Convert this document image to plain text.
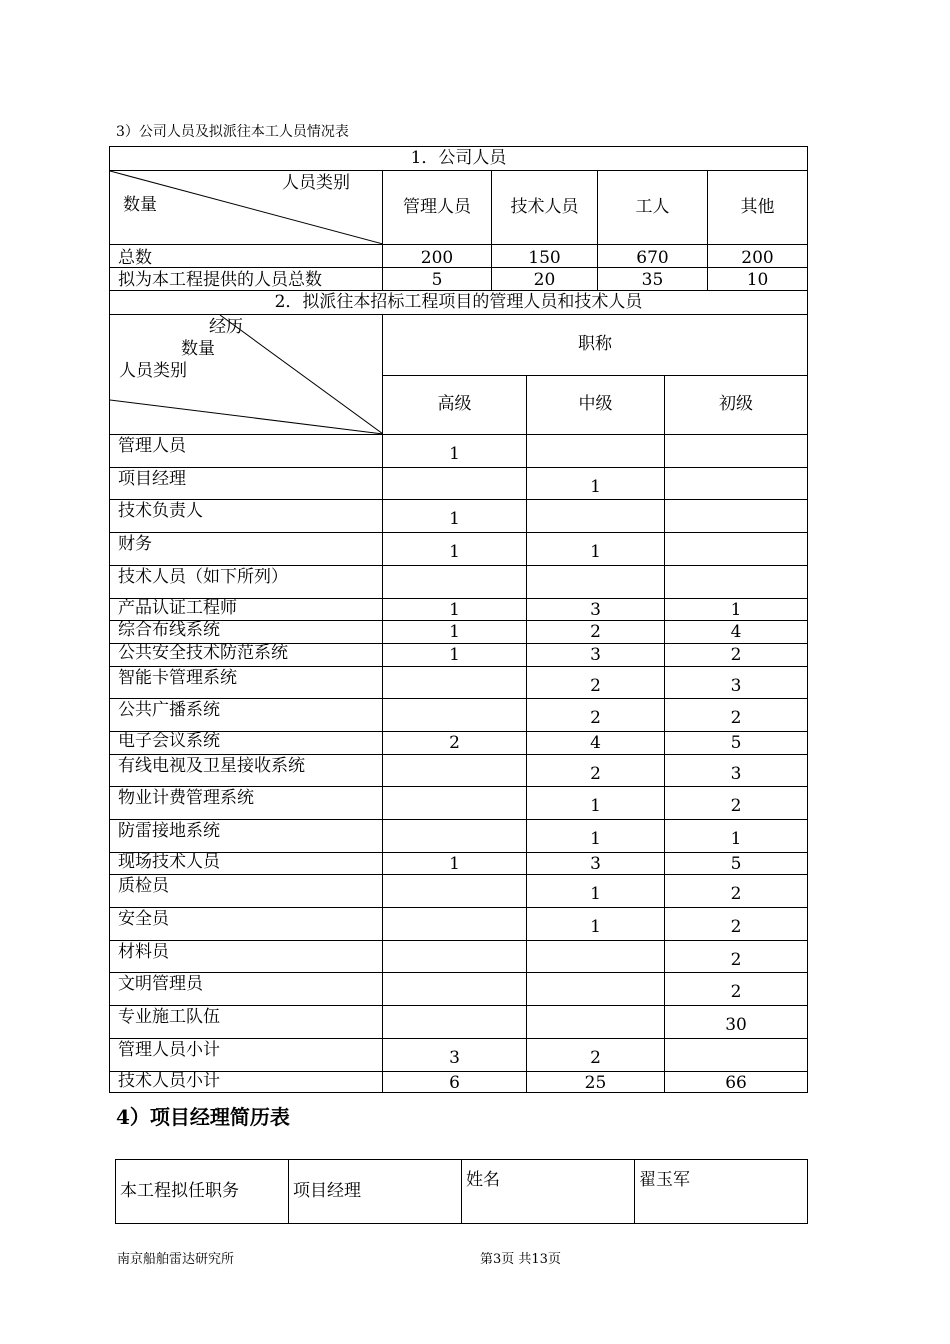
3）公司人员及拟派往本工人员情况表
1．公司人员				

人员类别
数量	管理人员	技术人员	工人	其他
总数	200	150	670	200
拟为本工程提供的人员总数	5	20	35	10
2．拟派往本招标工程项目的管理人员和技术人员				
经历
数量
人员类别	职称		
	高级	中级	初级
管理人员	1		
项目经理		1	
技术负责人	1		
财务	1	1	
技术人员（如下所列）			
产品认证工程师	1	3	1
综合布线系统	1	2	4
公共安全技术防范系统	1	3	2
智能卡管理系统		2	3
公共广播系统		2	2
电子会议系统	2	4	5
有线电视及卫星接收系统		2	3
物业计费管理系统		1	2
防雷接地系统		1	1
现场技术人员	1	3	5
质检员		1	2
安全员		1	2
材料员			2
文明管理员			2
专业施工队伍			30
管理人员小计	3	2	
技术人员小计	6	25	66
4）项目经理简历表
本工程拟任职务	项目经理	姓名	翟玉军
南京船舶雷达研究所	第3页 共13页
